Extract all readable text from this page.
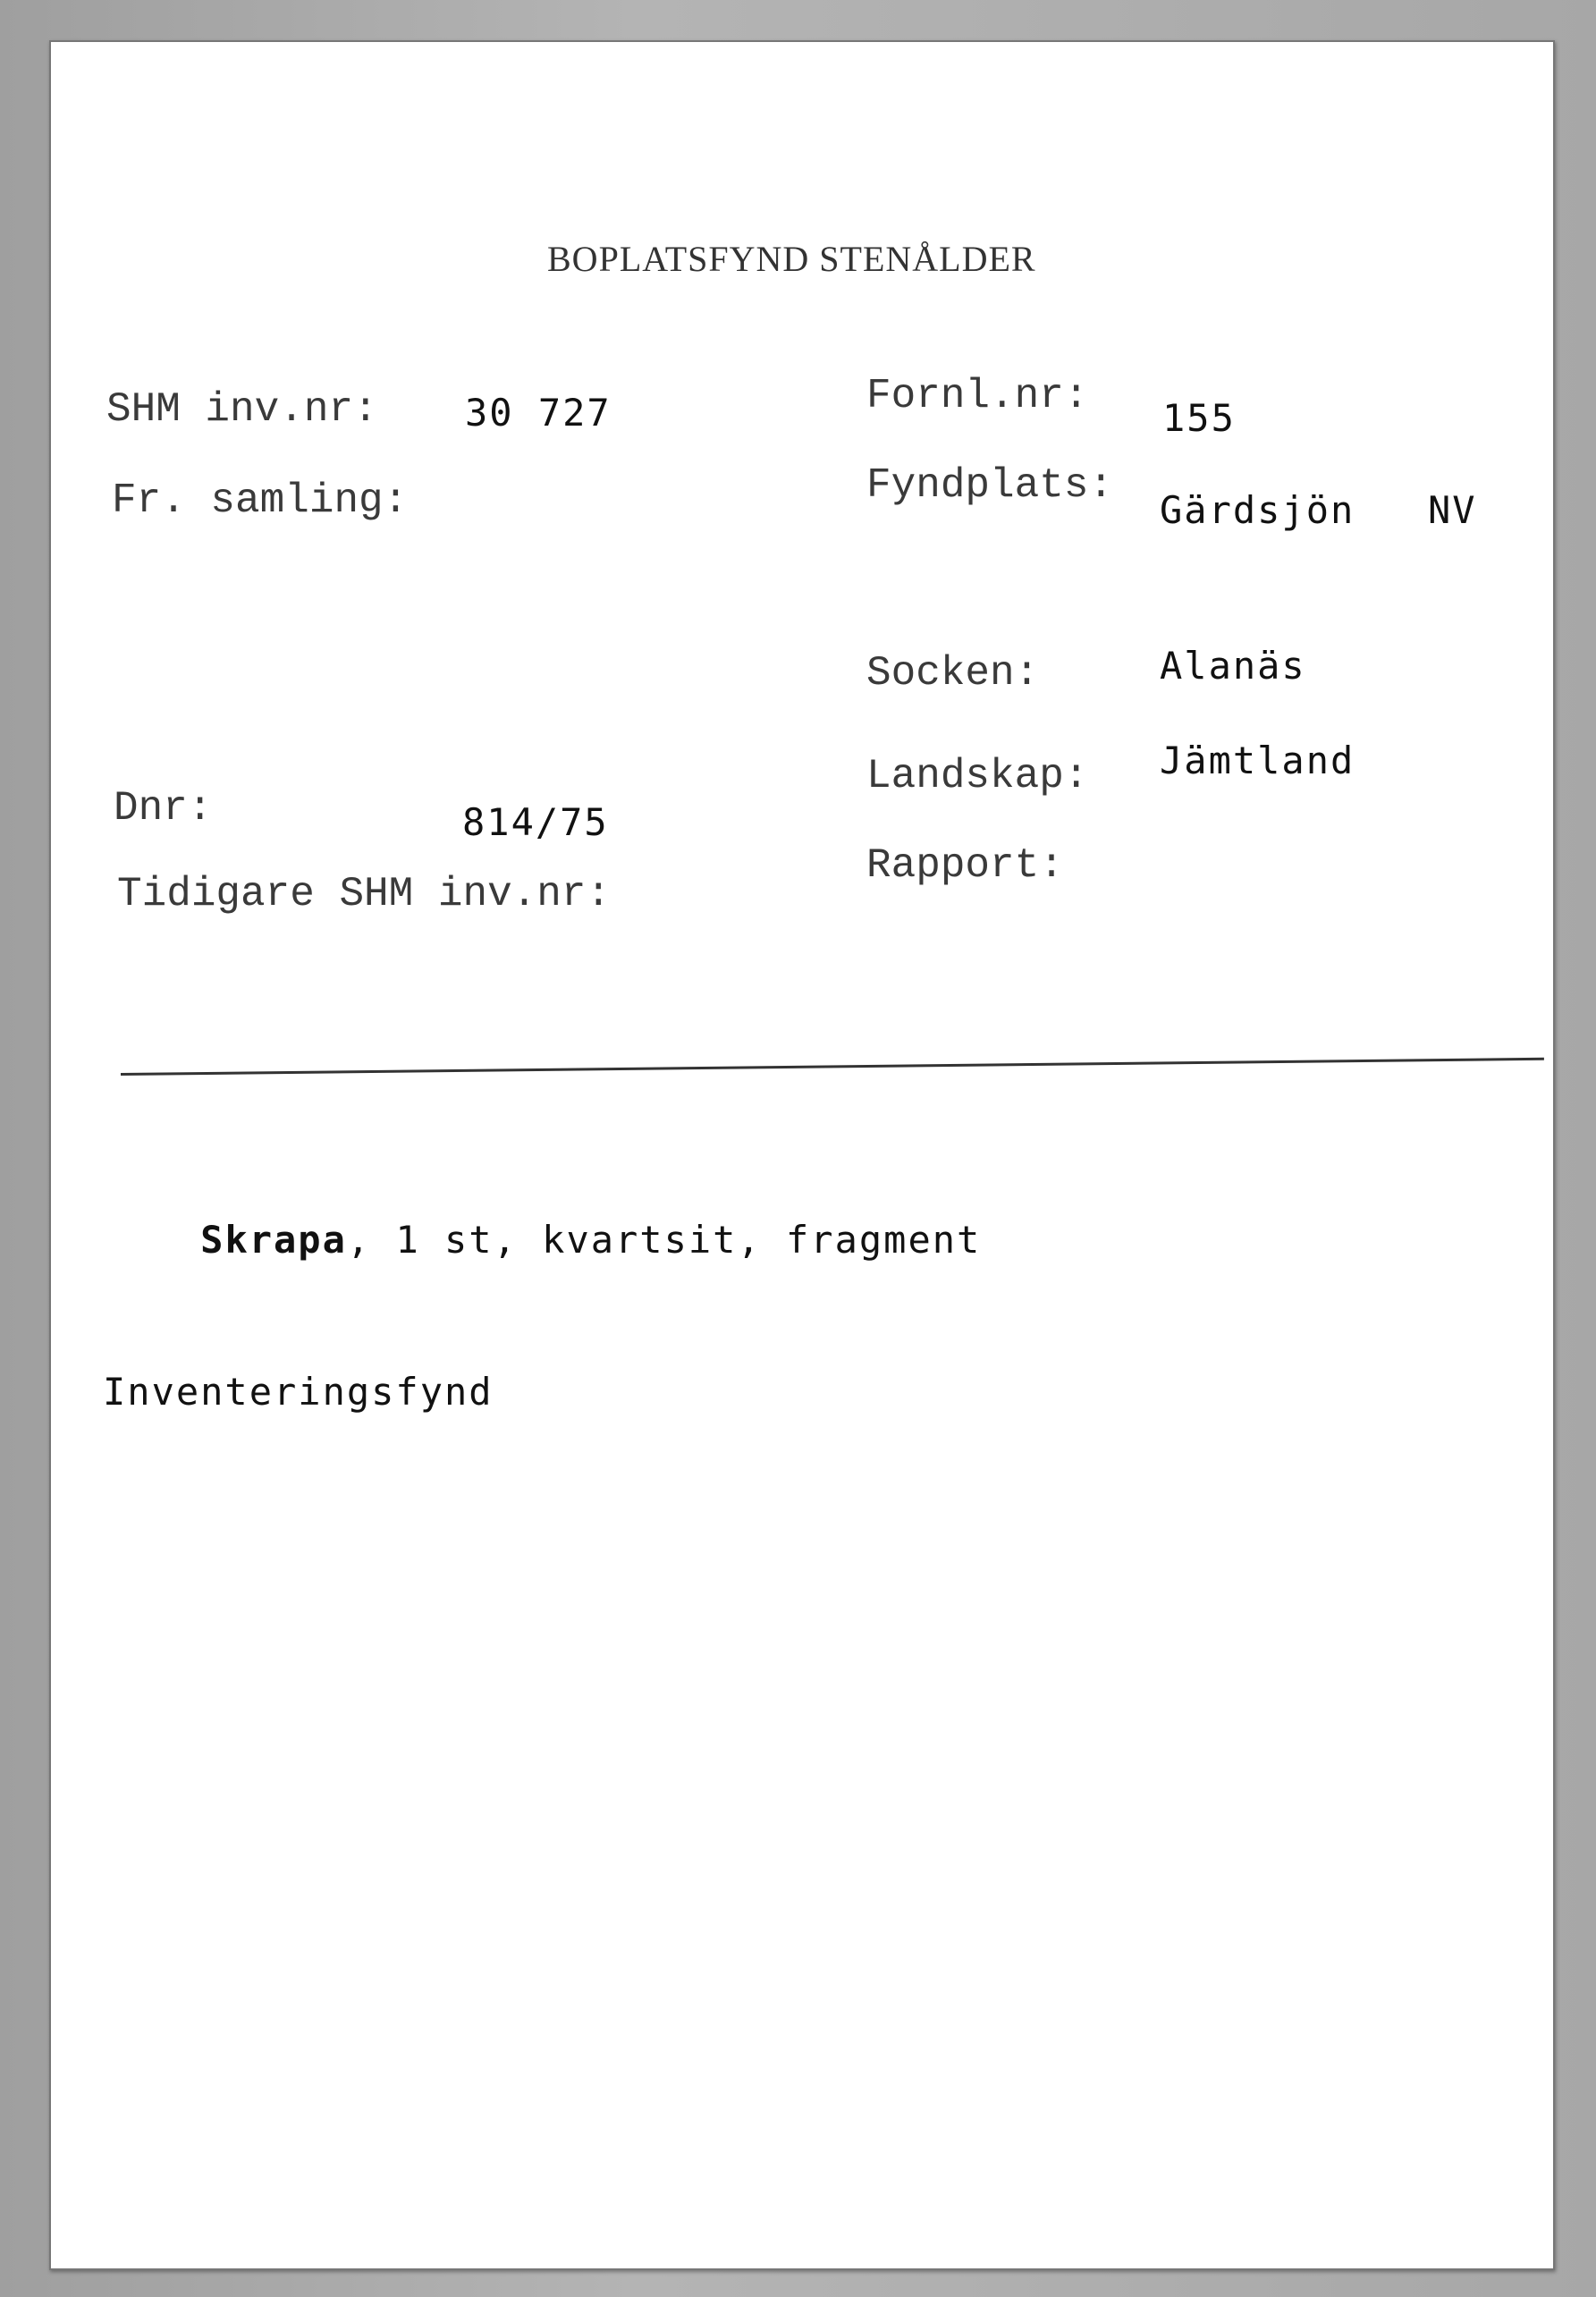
BOPLATSFYND STENÅLDER
SHM inv.nr:
Fr. samling:
Dnr:
Tidigare SHM inv.nr:
30 727
814/75
Fornl.nr:
Fyndplats:
Socken:
Landskap:
Rapport:
155
Gärdsjön NV
Alanäs
Jämtland

Skrapa, 1 st, kvartsit, fragment

Inventeringsfynd
